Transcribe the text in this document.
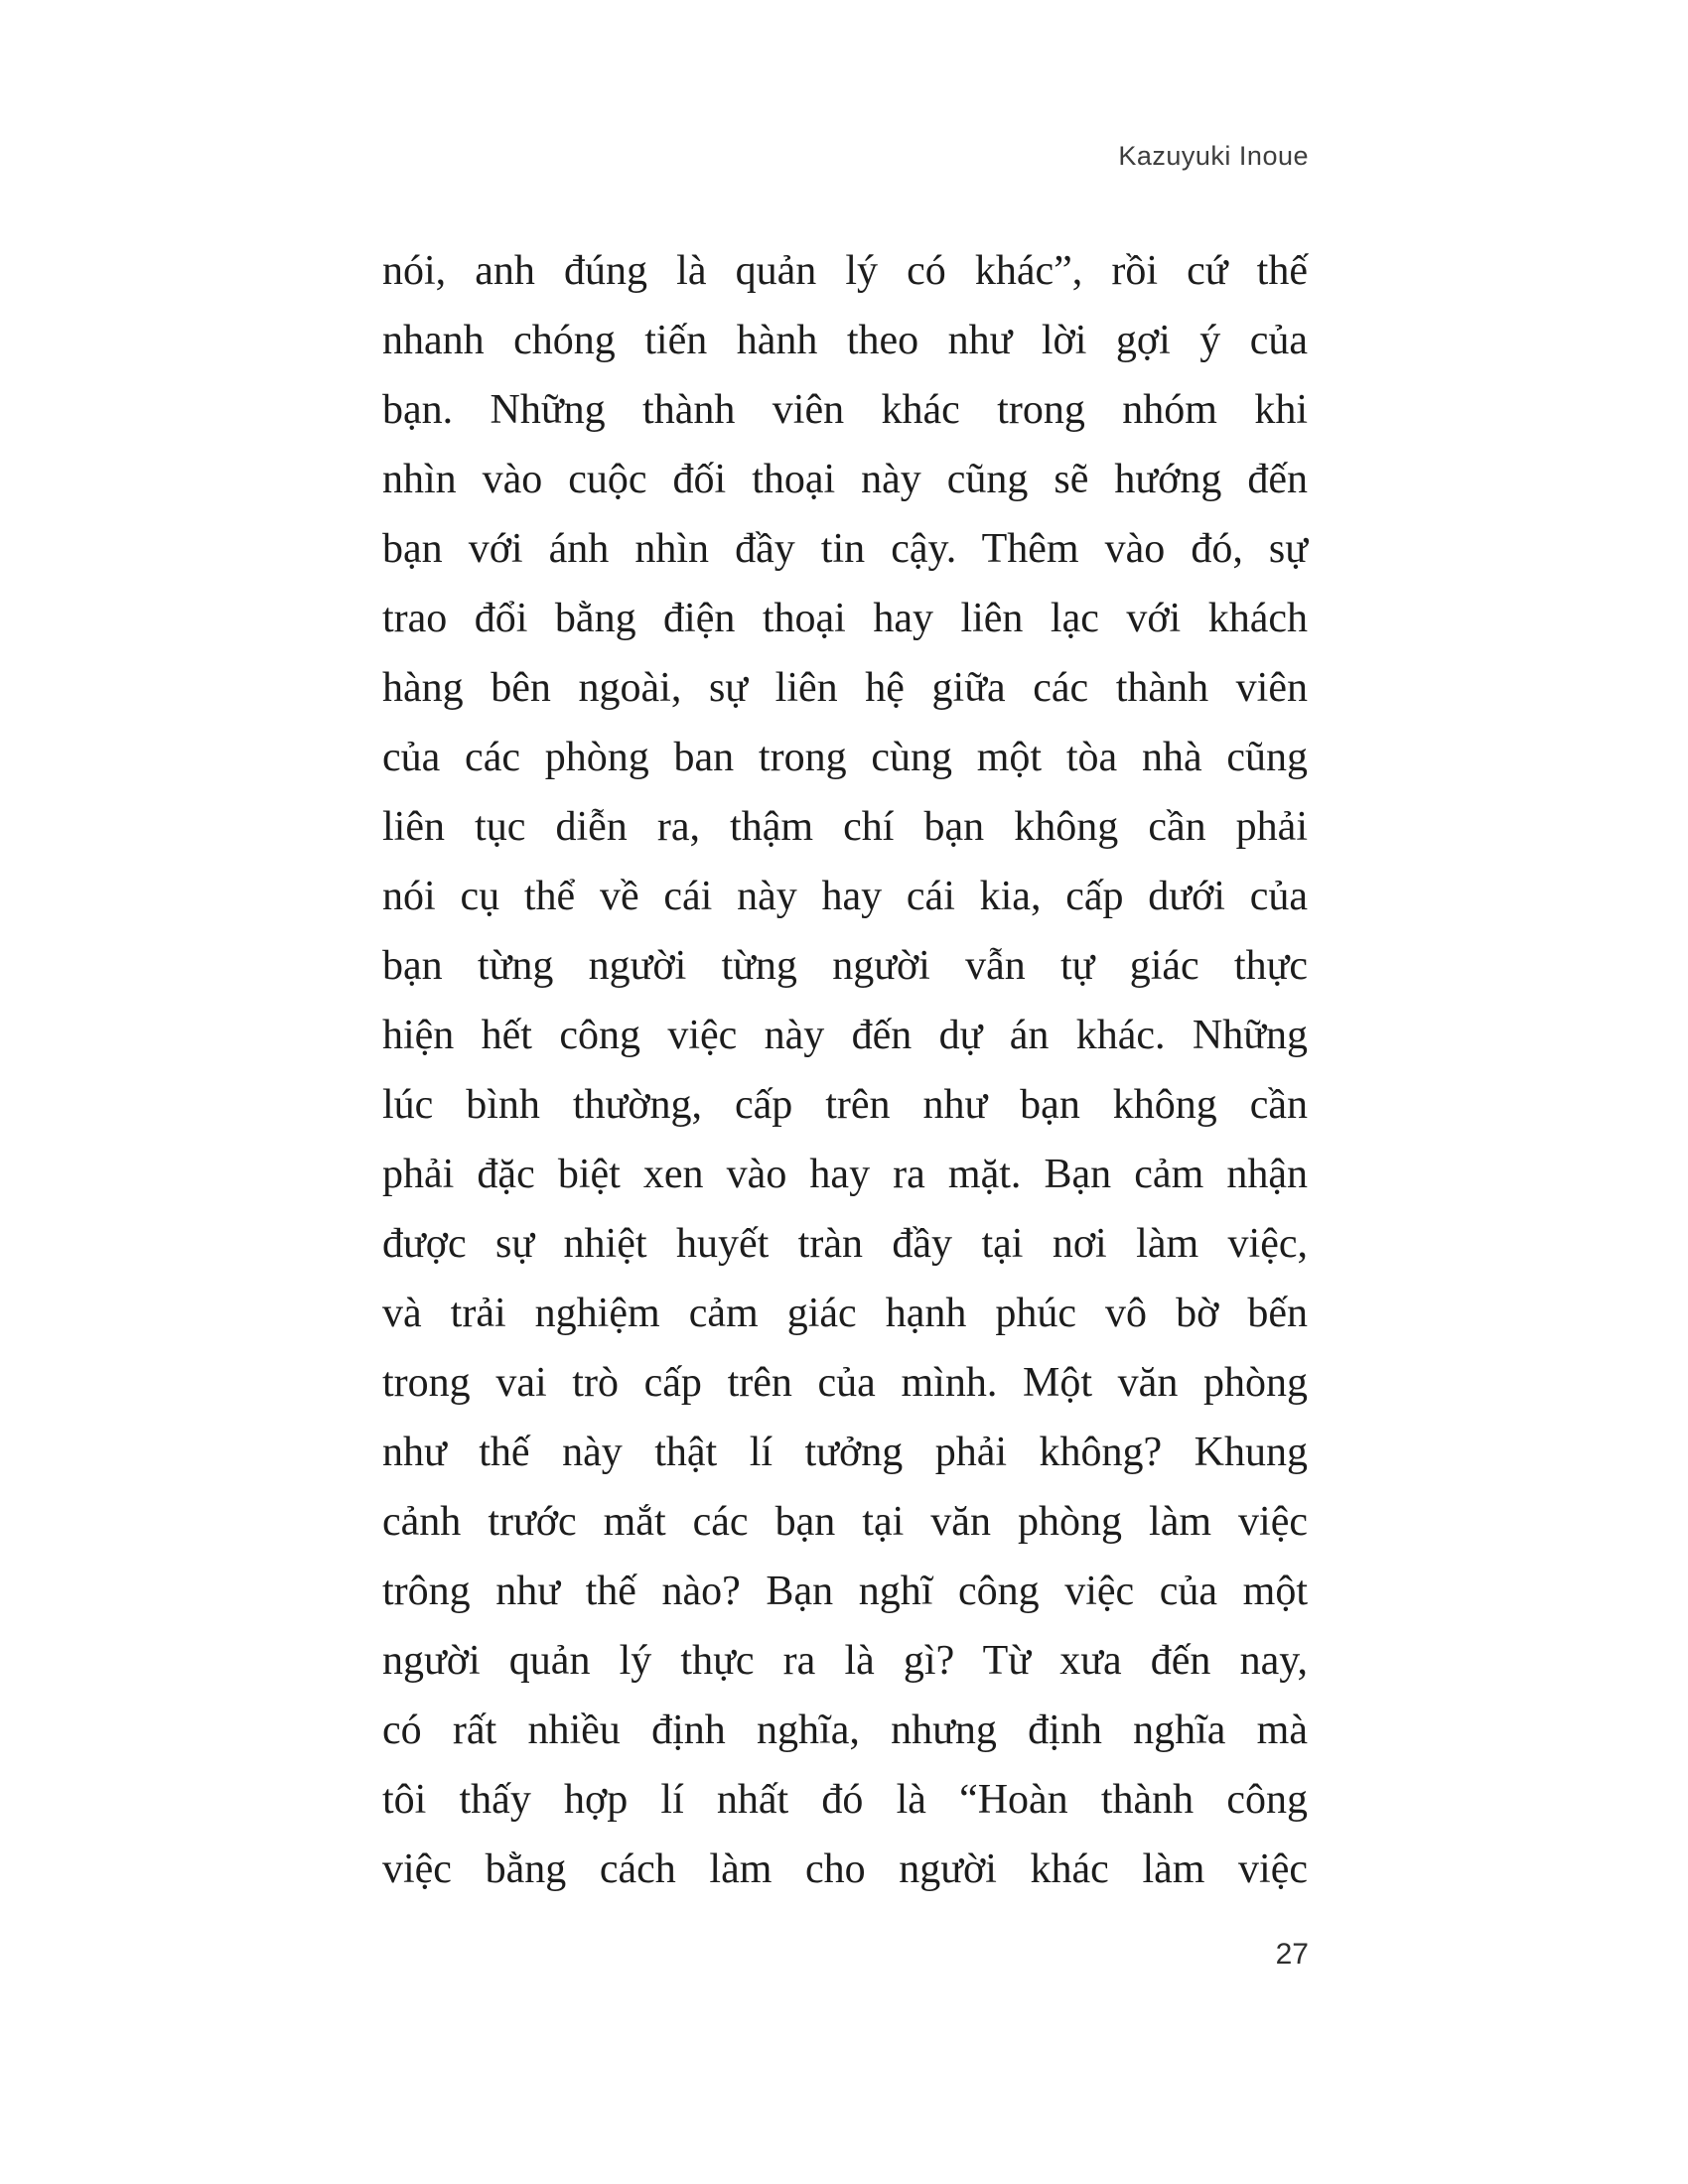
Kazuyuki Inoue
nói, anh đúng là quản lý có khác”, rồi cứ thế
nhanh chóng tiến hành theo như lời gợi ý của
bạn. Những thành viên khác trong nhóm khi
nhìn vào cuộc đối thoại này cũng sẽ hướng đến
bạn với ánh nhìn đầy tin cậy. Thêm vào đó, sự
trao đổi bằng điện thoại hay liên lạc với khách
hàng bên ngoài, sự liên hệ giữa các thành viên
của các phòng ban trong cùng một tòa nhà cũng
liên tục diễn ra, thậm chí bạn không cần phải
nói cụ thể về cái này hay cái kia, cấp dưới của
bạn từng người từng người vẫn tự giác thực
hiện hết công việc này đến dự án khác. Những
lúc bình thường, cấp trên như bạn không cần
phải đặc biệt xen vào hay ra mặt. Bạn cảm nhận
được sự nhiệt huyết tràn đầy tại nơi làm việc,
và trải nghiệm cảm giác hạnh phúc vô bờ bến
trong vai trò cấp trên của mình. Một văn phòng
như thế này thật lí tưởng phải không? Khung
cảnh trước mắt các bạn tại văn phòng làm việc
trông như thế nào? Bạn nghĩ công việc của một
người quản lý thực ra là gì? Từ xưa đến nay,
có rất nhiều định nghĩa, nhưng định nghĩa mà
tôi thấy hợp lí nhất đó là “Hoàn thành công
việc bằng cách làm cho người khác làm việc
27
